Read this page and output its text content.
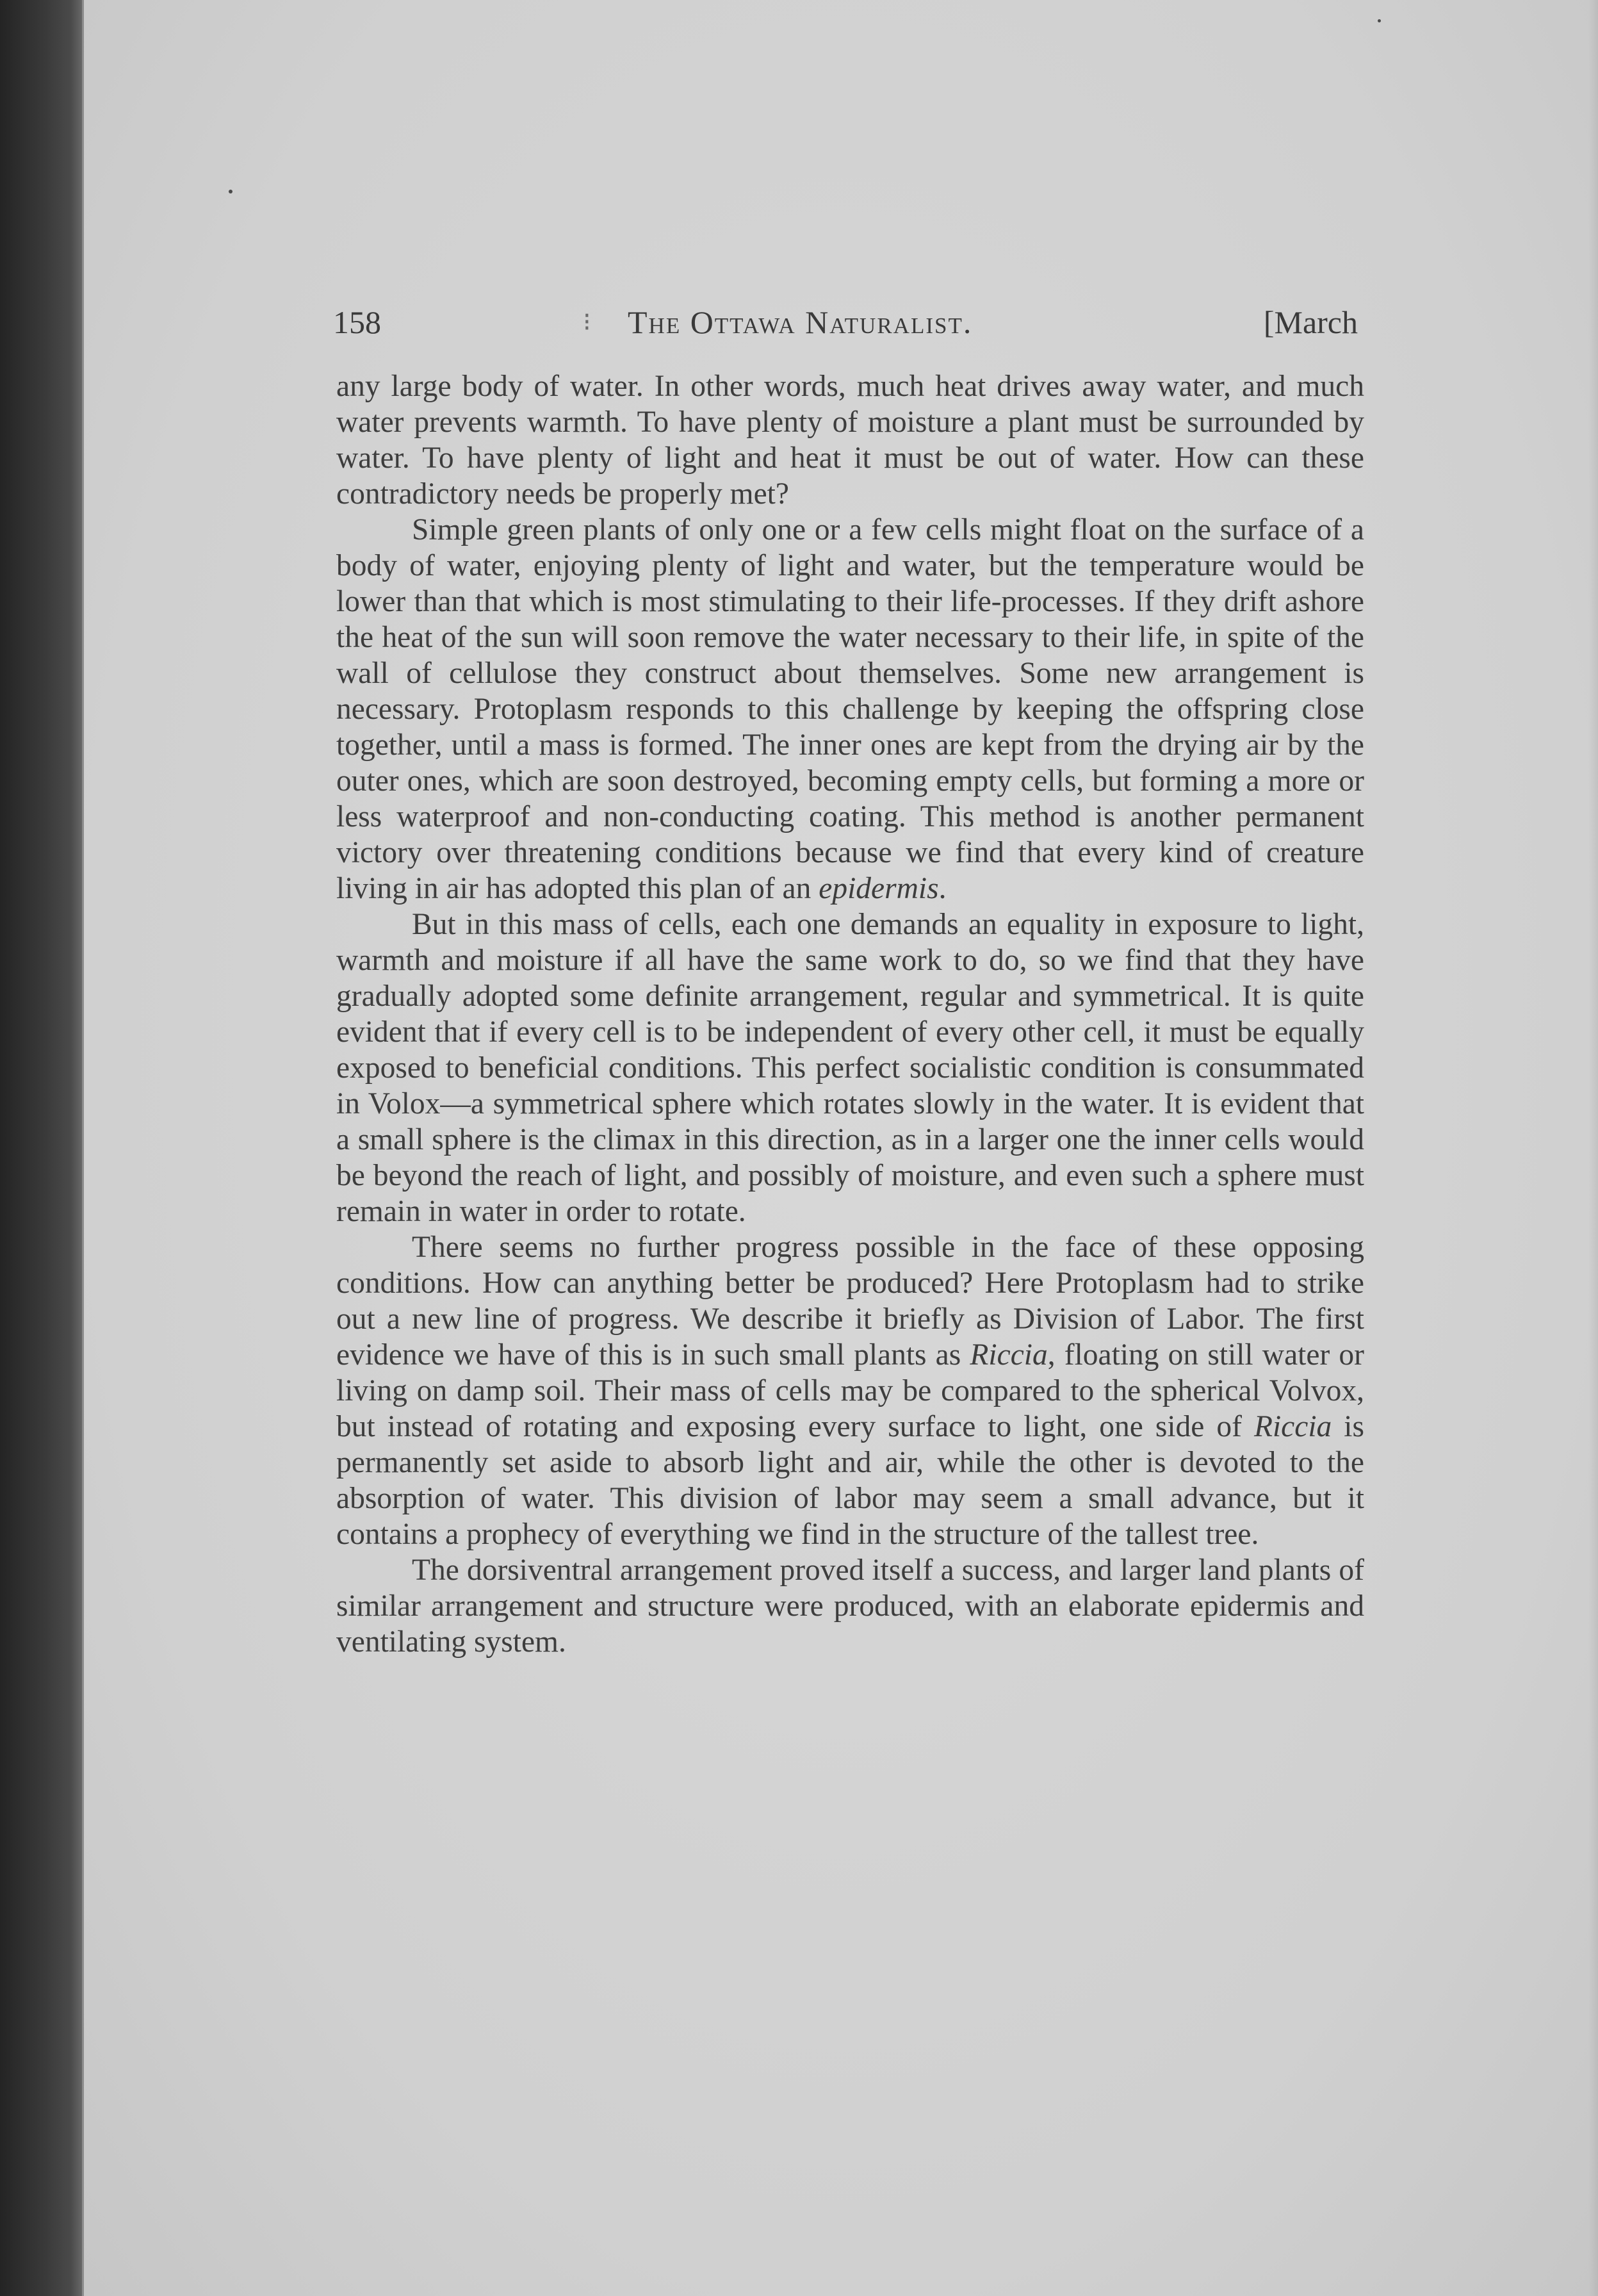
158	⁝ The Ottawa Naturalist.	[March

any large body of water. In other words, much heat drives away water, and much water prevents warmth. To have plenty of moisture a plant must be surrounded by water. To have plenty of light and heat it must be out of water. How can these contradictory needs be properly met?

Simple green plants of only one or a few cells might float on the surface of a body of water, enjoying plenty of light and water, but the temperature would be lower than that which is most stimulating to their life-processes. If they drift ashore the heat of the sun will soon remove the water necessary to their life, in spite of the wall of cellulose they construct about themselves. Some new arrangement is necessary. Protoplasm responds to this challenge by keeping the offspring close together, until a mass is formed. The inner ones are kept from the drying air by the outer ones, which are soon destroyed, becoming empty cells, but forming a more or less waterproof and non-conducting coating. This method is another permanent victory over threatening conditions because we find that every kind of creature living in air has adopted this plan of an epidermis.

But in this mass of cells, each one demands an equality in exposure to light, warmth and moisture if all have the same work to do, so we find that they have gradually adopted some definite arrangement, regular and symmetrical. It is quite evident that if every cell is to be independent of every other cell, it must be equally exposed to beneficial conditions. This perfect socialistic condition is consummated in Volox—a symmetrical sphere which rotates slowly in the water. It is evident that a small sphere is the climax in this direction, as in a larger one the inner cells would be beyond the reach of light, and possibly of moisture, and even such a sphere must remain in water in order to rotate.

There seems no further progress possible in the face of these opposing conditions. How can anything better be produced? Here Protoplasm had to strike out a new line of progress. We describe it briefly as Division of Labor. The first evidence we have of this is in such small plants as Riccia, floating on still water or living on damp soil. Their mass of cells may be compared to the spherical Volvox, but instead of rotating and exposing every surface to light, one side of Riccia is permanently set aside to absorb light and air, while the other is devoted to the absorption of water. This division of labor may seem a small advance, but it contains a prophecy of everything we find in the structure of the tallest tree.

The dorsiventral arrangement proved itself a success, and larger land plants of similar arrangement and structure were produced, with an elaborate epidermis and ventilating system.
